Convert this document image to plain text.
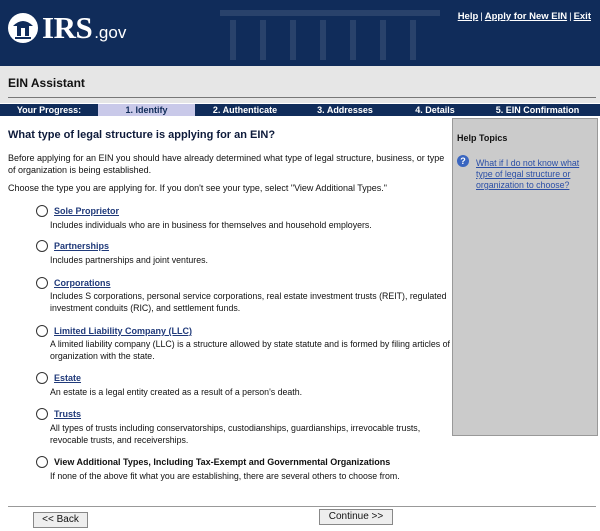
IRS .gov
Help | Apply for New EIN | Exit
EIN Assistant
Your Progress:	1. Identify	2. Authenticate	3. Addresses	4. Details	5. EIN Confirmation
What type of legal structure is applying for an EIN?
Before applying for an EIN you should have already determined what type of legal structure, business, or type of organization is being established.
Choose the type you are applying for. If you don't see your type, select "View Additional Types."
Sole Proprietor
Includes individuals who are in business for themselves and household employers.
Partnerships
Includes partnerships and joint ventures.
Corporations
Includes S corporations, personal service corporations, real estate investment trusts (REIT), regulated investment conduits (RIC), and settlement funds.
Limited Liability Company (LLC)
A limited liability company (LLC) is a structure allowed by state statute and is formed by filing articles of organization with the state.
Estate
An estate is a legal entity created as a result of a person's death.
Trusts
All types of trusts including conservatorships, custodianships, guardianships, irrevocable trusts, revocable trusts, and receiverships.
View Additional Types, Including Tax-Exempt and Governmental Organizations
If none of the above fit what you are establishing, there are several others to choose from.
Help Topics
?	What if I do not know what type of legal structure or organization to choose?
<< Back	Continue >>
